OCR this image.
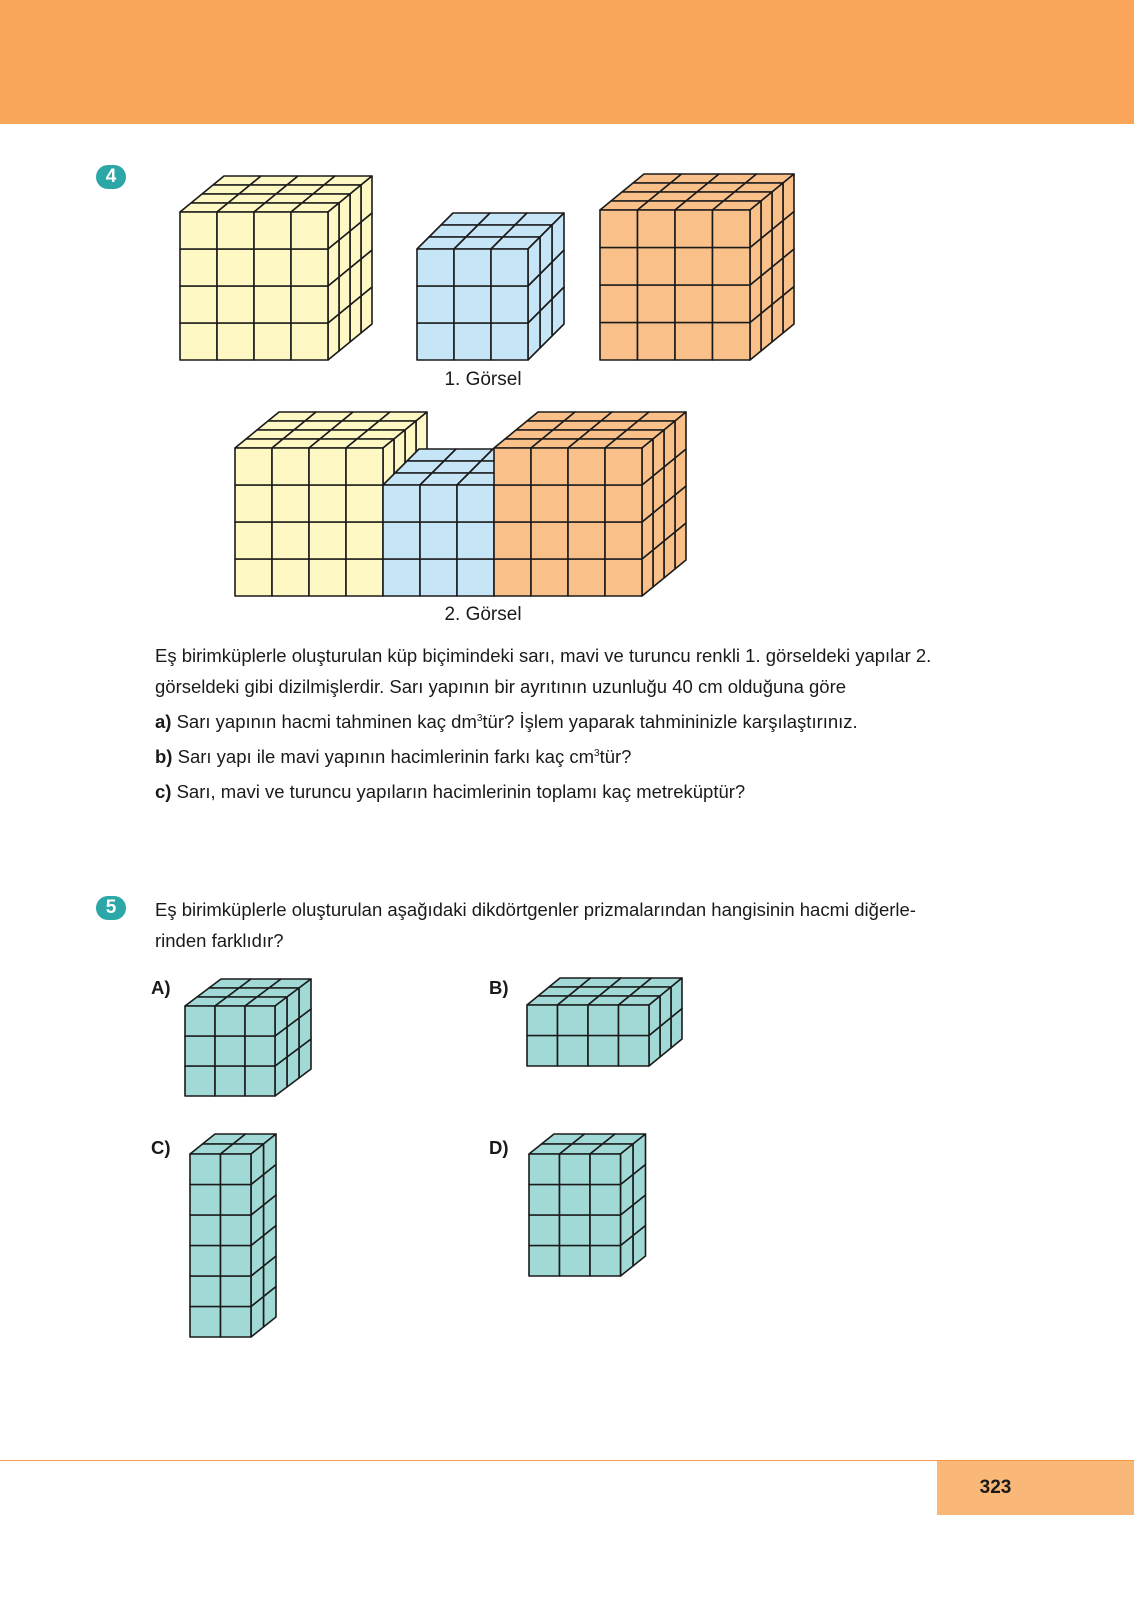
4
1. Görsel
2. Görsel
Eş birimküplerle oluşturulan küp biçimindeki sarı, mavi ve turuncu renkli 1. görseldeki yapılar 2.
görseldeki gibi dizilmişlerdir. Sarı yapının bir ayrıtının uzunluğu 40 cm olduğuna göre
a) Sarı yapının hacmi tahminen kaç $dm^3tür$? İşlem yaparak tahmininizle karşılaştırınız.
b) Sarı yapı ile mavi yapının hacimlerinin farkı kaç $cm^3tür$?
c) Sarı, mavi ve turuncu yapıların hacimlerinin toplamı kaç metreküptür?
5	Eş birimküplerle oluşturulan aşağıdaki dikdörtgenler prizmalarından hangisinin hacmi diğerle-
rinden farklıdır?
A)	B)
C)	D)
323
